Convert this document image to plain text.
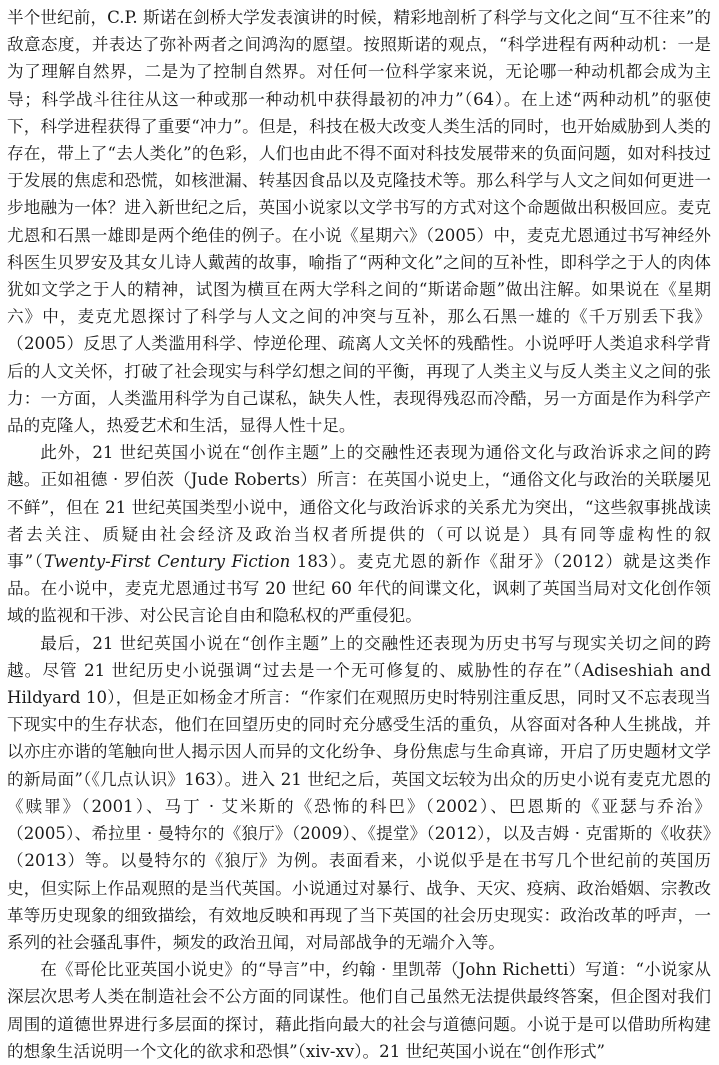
半个世纪前，C.P. 斯诺在剑桥大学发表演讲的时候，精彩地剖析了科学与文化之间“互不往来”的敌意态度，并表达了弥补两者之间鸿沟的愿望。按照斯诺的观点，“科学进程有两种动机：一是为了理解自然界，二是为了控制自然界。对任何一位科学家来说，无论哪一种动机都会成为主导；科学战斗往往从这一种或那一种动机中获得最初的冲力”（64）。在上述“两种动机”的驱使下，科学进程获得了重要“冲力”。但是，科技在极大改变人类生活的同时，也开始威胁到人类的存在，带上了“去人类化”的色彩，人们也由此不得不面对科技发展带来的负面问题，如对科技过于发展的焦虑和恐慌，如核泄漏、转基因食品以及克隆技术等。那么科学与人文之间如何更进一步地融为一体？进入新世纪之后，英国小说家以文学书写的方式对这个命题做出积极回应。麦克尤恩和石黑一雄即是两个绝佳的例子。在小说《星期六》（2005）中，麦克尤恩通过书写神经外科医生贝罗安及其女儿诗人戴茜的故事，喻指了“两种文化”之间的互补性，即科学之于人的肉体犹如文学之于人的精神，试图为横亘在两大学科之间的“斯诺命题”做出注解。如果说在《星期六》中，麦克尤恩探讨了科学与人文之间的冲突与互补，那么石黑一雄的《千万别丢下我》（2005）反思了人类滥用科学、悖逆伦理、疏离人文关怀的残酷性。小说呼吁人类追求科学背后的人文关怀，打破了社会现实与科学幻想之间的平衡，再现了人类主义与反人类主义之间的张力：一方面，人类滥用科学为自己谋私，缺失人性，表现得残忍而冷酷，另一方面是作为科学产品的克隆人，热爱艺术和生活，显得人性十足。

此外，21 世纪英国小说在“创作主题”上的交融性还表现为通俗文化与政治诉求之间的跨越。正如祖德 · 罗伯茨（Jude Roberts）所言：在英国小说史上，“通俗文化与政治的关联屡见不鲜”，但在 21 世纪英国类型小说中，通俗文化与政治诉求的关系尤为突出，“这些叙事挑战读者去关注、质疑由社会经济及政治当权者所提供的（可以说是）具有同等虚构性的叙事”（Twenty-First Century Fiction 183）。麦克尤恩的新作《甜牙》（2012）就是这类作品。在小说中，麦克尤恩通过书写 20 世纪 60 年代的间谍文化，讽刺了英国当局对文化创作领域的监视和干涉、对公民言论自由和隐私权的严重侵犯。

最后，21 世纪英国小说在“创作主题”上的交融性还表现为历史书写与现实关切之间的跨越。尽管 21 世纪历史小说强调“过去是一个无可修复的、威胁性的存在”（Adiseshiah and Hildyard 10），但是正如杨金才所言：“作家们在观照历史时特别注重反思，同时又不忘表现当下现实中的生存状态，他们在回望历史的同时充分感受生活的重负，从容面对各种人生挑战，并以亦庄亦谐的笔触向世人揭示因人而异的文化纷争、身份焦虑与生命真谛，开启了历史题材文学的新局面”（《几点认识》163）。进入 21 世纪之后，英国文坛较为出众的历史小说有麦克尤恩的《赎罪》（2001）、马丁 · 艾米斯的《恐怖的科巴》（2002）、巴恩斯的《亚瑟与乔治》（2005）、希拉里 · 曼特尔的《狼厅》（2009）、《提堂》（2012），以及吉姆 · 克雷斯的《收获》（2013）等。以曼特尔的《狼厅》为例。表面看来，小说似乎是在书写几个世纪前的英国历史，但实际上作品观照的是当代英国。小说通过对暴行、战争、天灾、疫病、政治婚姻、宗教改革等历史现象的细致描绘，有效地反映和再现了当下英国的社会历史现实：政治改革的呼声，一系列的社会骚乱事件，频发的政治丑闻，对局部战争的无端介入等。

在《哥伦比亚英国小说史》的“导言”中，约翰 · 里凯蒂（John Richetti）写道：“小说家从深层次思考人类在制造社会不公方面的同谋性。他们自己虽然无法提供最终答案，但企图对我们周围的道德世界进行多层面的探讨，藉此指向最大的社会与道德问题。小说于是可以借助所构建的想象生活说明一个文化的欲求和恐惧”（xiv-xv）。21 世纪英国小说在“创作形式”
